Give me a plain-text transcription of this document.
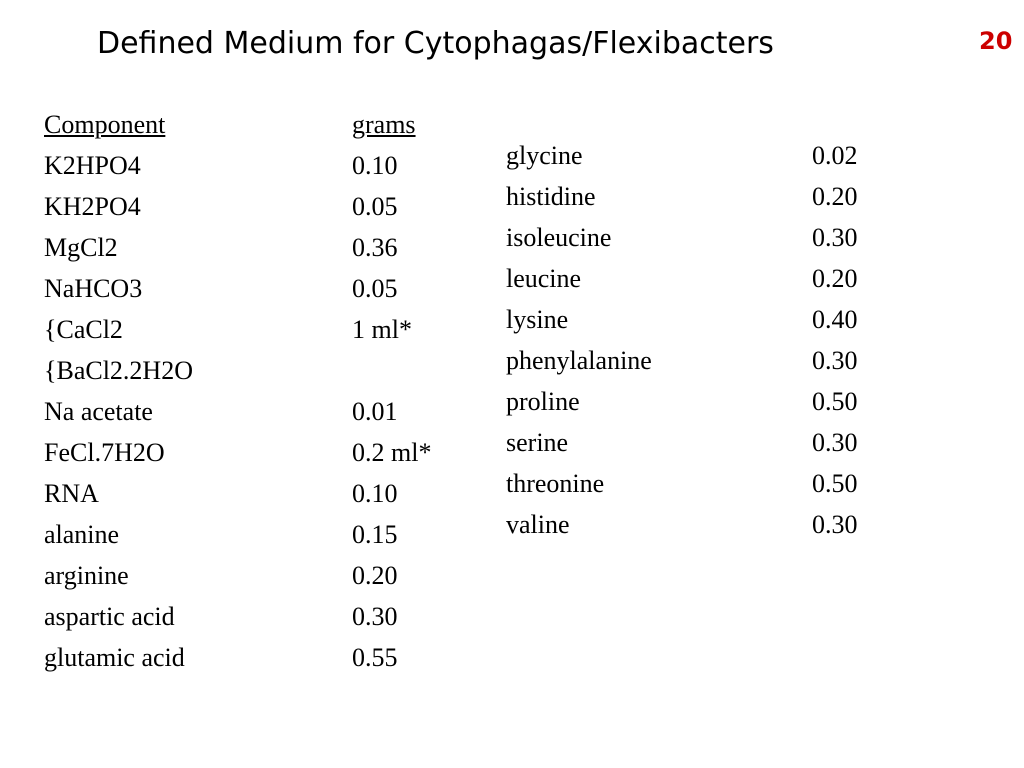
Defined Medium for Cytophagas/Flexibacters	20
Component	grams
K2HPO4	0.10
KH2PO4	0.05
MgCl2	0.36
NaHCO3	0.05
{CaCl2	1 ml*
{BaCl2.2H2O
Na acetate	0.01
FeCl.7H2O	0.2 ml*
RNA	0.10
alanine	0.15
arginine	0.20
aspartic acid	0.30
glutamic acid	0.55
glycine	0.02
histidine	0.20
isoleucine	0.30
leucine	0.20
lysine	0.40
phenylalanine	0.30
proline	0.50
serine	0.30
threonine	0.50
valine	0.30
